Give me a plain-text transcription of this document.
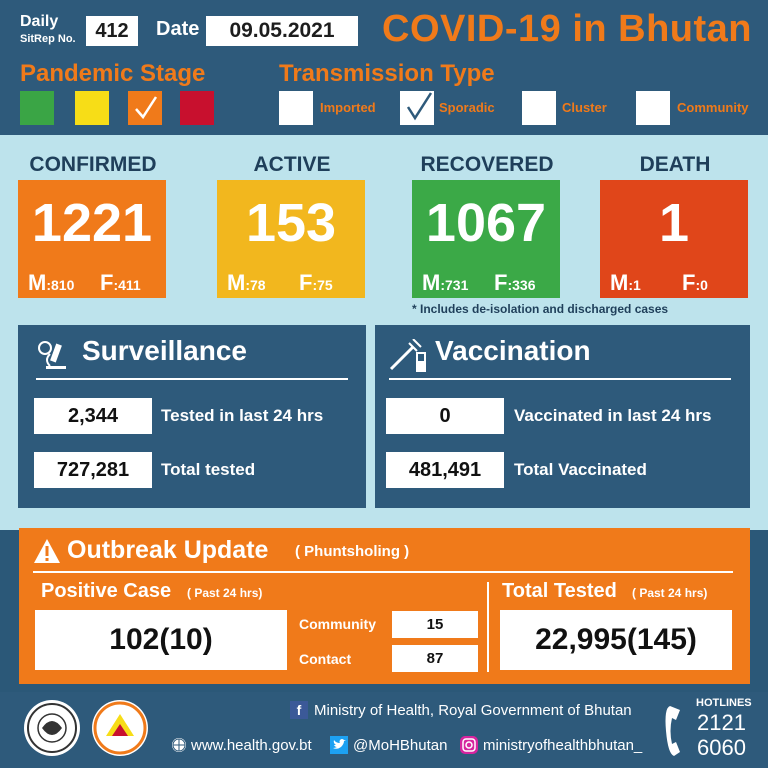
Daily
SitRep No. 412	Date	09.05.2021	COVID-19 in Bhutan
Pandemic Stage	Transmission Type
Imported	Sporadic	Cluster	Community
CONFIRMED	ACTIVE	RECOVERED	DEATH
1221
M:810 F:411
153
M:78 F:75
1067
M:731 F:336
1
M:1 F:0
* Includes de-isolation and discharged cases
Surveillance
2,344	Tested in last 24 hrs
727,281	Total tested
Vaccination
0	Vaccinated in last 24 hrs
481,491	Total Vaccinated
Outbreak Update ( Phuntsholing )
Positive Case ( Past 24 hrs)
102(10)	Community	15
Contact	87
Total Tested ( Past 24 hrs)
22,995(145)
f Ministry of Health, Royal Government of Bhutan
www.health.gov.bt	@MoHBhutan ministryofhealthbhutan_
HOTLINES
2121
6060
